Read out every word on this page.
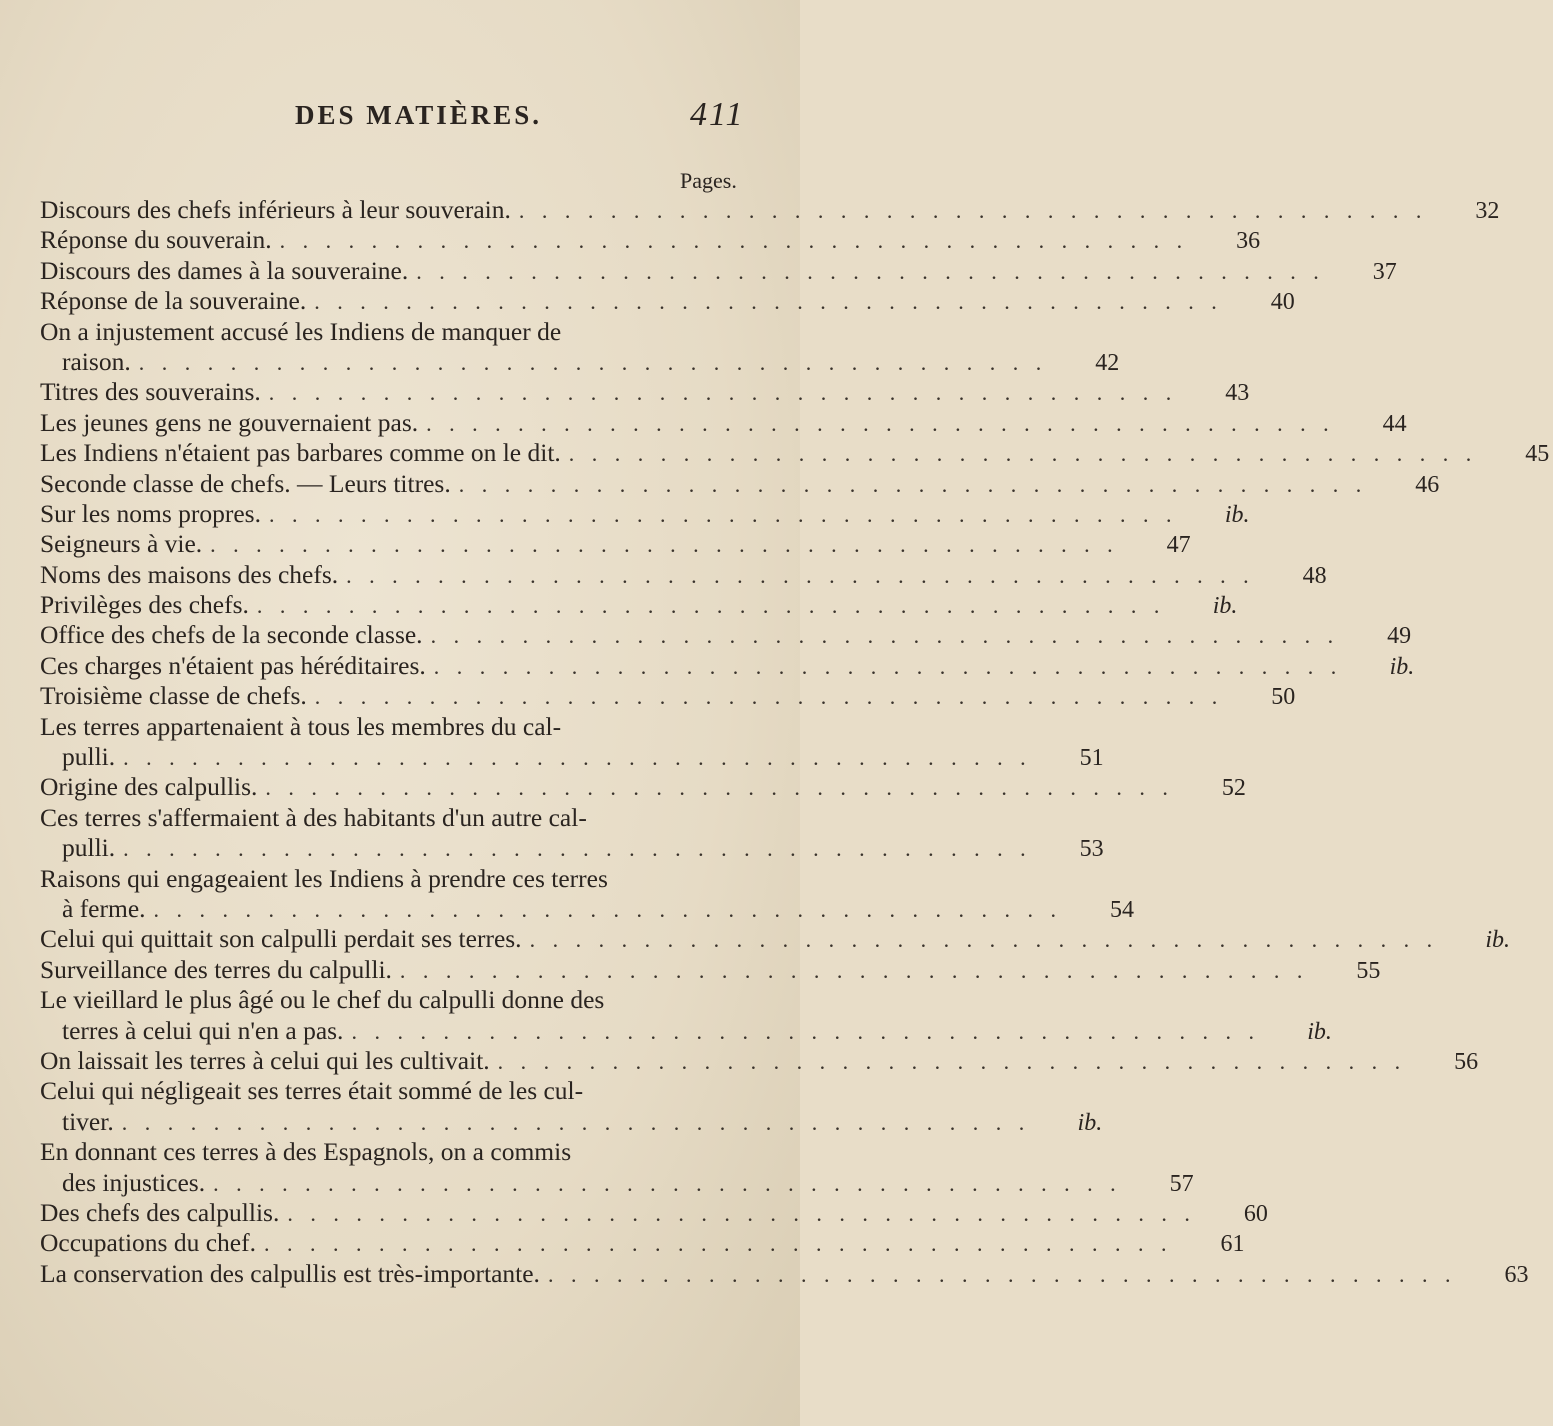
DES MATIÈRES.	411
Pages.
Discours des chefs inférieurs à leur souverain. . . . . . . . . . . . . . . . . . . . . . . . . . . . . . . . . . . . . . . . .	32
Réponse du souverain. . . . . . . . . . . . . . . . . . . . . . . . . . . . . . . . . . . . . . . . .	36
Discours des dames à la souveraine. . . . . . . . . . . . . . . . . . . . . . . . . . . . . . . . . . . . . . . . .	37
Réponse de la souveraine. . . . . . . . . . . . . . . . . . . . . . . . . . . . . . . . . . . . . . . . .	40
On a injustement accusé les Indiens de manquer de
raison. . . . . . . . . . . . . . . . . . . . . . . . . . . . . . . . . . . . . . . . .	42
Titres des souverains. . . . . . . . . . . . . . . . . . . . . . . . . . . . . . . . . . . . . . . . .	43
Les jeunes gens ne gouvernaient pas. . . . . . . . . . . . . . . . . . . . . . . . . . . . . . . . . . . . . . . . .	44
Les Indiens n'étaient pas barbares comme on le dit. . . . . . . . . . . . . . . . . . . . . . . . . . . . . . . . . . . . . . . . .	45
Seconde classe de chefs. — Leurs titres. . . . . . . . . . . . . . . . . . . . . . . . . . . . . . . . . . . . . . . . .	46
Sur les noms propres. . . . . . . . . . . . . . . . . . . . . . . . . . . . . . . . . . . . . . . . .	ib.
Seigneurs à vie. . . . . . . . . . . . . . . . . . . . . . . . . . . . . . . . . . . . . . . . .	47
Noms des maisons des chefs. . . . . . . . . . . . . . . . . . . . . . . . . . . . . . . . . . . . . . . . .	48
Privilèges des chefs. . . . . . . . . . . . . . . . . . . . . . . . . . . . . . . . . . . . . . . . .	ib.
Office des chefs de la seconde classe. . . . . . . . . . . . . . . . . . . . . . . . . . . . . . . . . . . . . . . . .	49
Ces charges n'étaient pas héréditaires. . . . . . . . . . . . . . . . . . . . . . . . . . . . . . . . . . . . . . . . .	ib.
Troisième classe de chefs. . . . . . . . . . . . . . . . . . . . . . . . . . . . . . . . . . . . . . . . .	50
Les terres appartenaient à tous les membres du cal-
pulli. . . . . . . . . . . . . . . . . . . . . . . . . . . . . . . . . . . . . . . . .	51
Origine des calpullis. . . . . . . . . . . . . . . . . . . . . . . . . . . . . . . . . . . . . . . . .	52
Ces terres s'affermaient à des habitants d'un autre cal-
pulli. . . . . . . . . . . . . . . . . . . . . . . . . . . . . . . . . . . . . . . . .	53
Raisons qui engageaient les Indiens à prendre ces terres
à ferme. . . . . . . . . . . . . . . . . . . . . . . . . . . . . . . . . . . . . . . . .	54
Celui qui quittait son calpulli perdait ses terres. . . . . . . . . . . . . . . . . . . . . . . . . . . . . . . . . . . . . . . . .	ib.
Surveillance des terres du calpulli. . . . . . . . . . . . . . . . . . . . . . . . . . . . . . . . . . . . . . . . .	55
Le vieillard le plus âgé ou le chef du calpulli donne des
terres à celui qui n'en a pas. . . . . . . . . . . . . . . . . . . . . . . . . . . . . . . . . . . . . . . . .	ib.
On laissait les terres à celui qui les cultivait. . . . . . . . . . . . . . . . . . . . . . . . . . . . . . . . . . . . . . . . .	56
Celui qui négligeait ses terres était sommé de les cul-
tiver. . . . . . . . . . . . . . . . . . . . . . . . . . . . . . . . . . . . . . . . .	ib.
En donnant ces terres à des Espagnols, on a commis
des injustices. . . . . . . . . . . . . . . . . . . . . . . . . . . . . . . . . . . . . . . . .	57
Des chefs des calpullis. . . . . . . . . . . . . . . . . . . . . . . . . . . . . . . . . . . . . . . . .	60
Occupations du chef. . . . . . . . . . . . . . . . . . . . . . . . . . . . . . . . . . . . . . . . .	61
La conservation des calpullis est très-importante. . . . . . . . . . . . . . . . . . . . . . . . . . . . . . . . . . . . . . . . .	63
